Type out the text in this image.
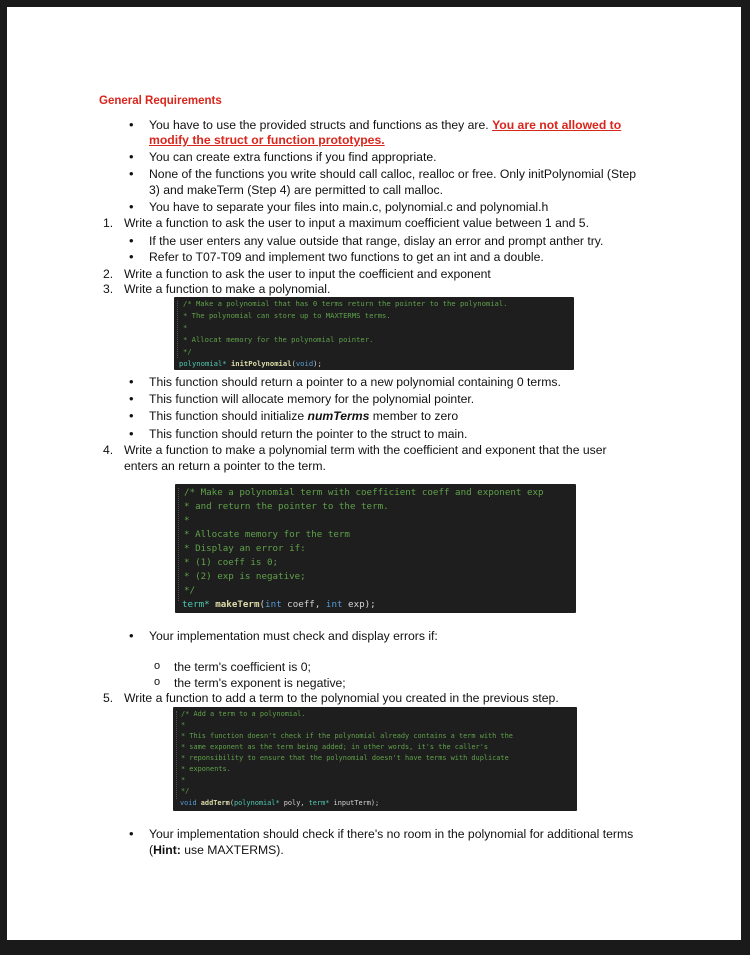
General Requirements
• You have to use the provided structs and functions as they are. You are not allowed to
modify the struct or function prototypes.
• You can create extra functions if you find appropriate.
• None of the functions you write should call calloc, realloc or free. Only initPolynomial (Step
3) and makeTerm (Step 4) are permitted to call malloc.
• You have to separate your files into main.c, polynomial.c and polynomial.h
1. Write a function to ask the user to input a maximum coefficient value between 1 and 5.
• If the user enters any value outside that range, dislay an error and prompt anther try.
• Refer to T07-T09 and implement two functions to get an int and a double.
2. Write a function to ask the user to input the coefficient and exponent
3. Write a function to make a polynomial.
/* Make a polynomial that has 0 terms return the pointer to the polynomial.
* The polynomial can store up to MAXTERMS terms.
*
* Allocat memory for the polynomial pointer.
*/
polynomial* initPolynomial(void);
• This function should return a pointer to a new polynomial containing 0 terms.
• This function will allocate memory for the polynomial pointer.
• This function should initialize numTerms member to zero
• This function should return the pointer to the struct to main.
4. Write a function to make a polynomial term with the coefficient and exponent that the user
enters an return a pointer to the term.
/* Make a polynomial term with coefficient coeff and exponent exp
* and return the pointer to the term.
*
* Allocate memory for the term
* Display an error if:
* (1) coeff is 0;
* (2) exp is negative;
*/
term* makeTerm(int coeff, int exp);
• Your implementation must check and display errors if:
o the term's coefficient is 0;
o the term's exponent is negative;
5. Write a function to add a term to the polynomial you created in the previous step.
/* Add a term to a polynomial.
*
* This function doesn't check if the polynomial already contains a term with the
* same exponent as the term being added; in other words, it's the caller's
* reponsibility to ensure that the polynomial doesn't have terms with duplicate
* exponents.
*
*/
void addTerm(polynomial* poly, term* inputTerm);
• Your implementation should check if there's no room in the polynomial for additional terms
(Hint: use MAXTERMS).
